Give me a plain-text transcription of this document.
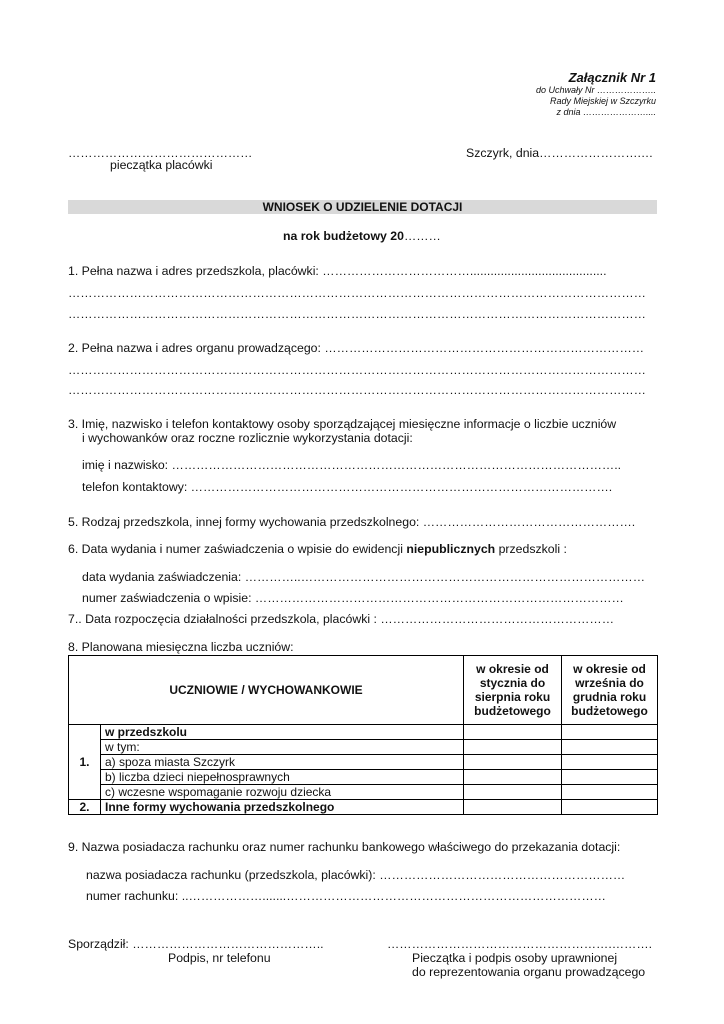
Załącznik Nr 1
do Uchwały Nr ………………..
Rady Miejskiej w Szczyrku
z dnia …………………....
………………………………………
pieczątka placówki
Szczyrk, dnia…………………….…
WNIOSEK O UDZIELENIE DOTACJI
na rok budżetowy 20………
1. Pełna nazwa i adres przedszkola, placówki: ………………………………........................................
……………………………………………………………………………………………………………………………
……………………………………………………………………………………………………………………………
2. Pełna nazwa i adres organu prowadzącego: ……………………………………………………………………
……………………………………………………………………………………………………………………………
……………………………………………………………………………………………………………………………
3. Imię, nazwisko i telefon kontaktowy osoby sporządzającej miesięczne informacje o liczbie uczniów
i wychowanków oraz roczne rozlicznie wykorzystania dotacji:
imię i nazwisko: ………………………………………………………………………………………………..
telefon kontaktowy: ………………………………………………………………………………………….
5. Rodzaj przedszkola, innej formy wychowania przedszkolnego: …………………………………………….
6. Data wydania i numer zaświadczenia o wpisie do ewidencji niepublicznych przedszkoli :
data wydania zaświadczenia: …………..…………………………………………………………………………
numer zaświadczenia o wpisie: ………………………………………………………………………………
7.. Data rozpoczęcia działalności przedszkola, placówki : …………………………………………………
8. Planowana miesięczna liczba uczniów:
UCZNIOWIE / WYCHOWANKOWIE		w okresie od stycznia do sierpnia roku budżetowego	w okresie od września do grudnia roku budżetowego
1.	w przedszkolu		
	w tym:		
	a) spoza miasta Szczyrk		
	b) liczba dzieci niepełnosprawnych		
	c) wczesne wspomaganie rozwoju dziecka		
2.	Inne formy wychowania przedszkolnego		
9. Nazwa posiadacza rachunku oraz numer rachunku bankowego właściwego do przekazania dotacji:
nazwa posiadacza rachunku (przedszkola, placówki): ……………………………………………………
numer rachunku: ..……………….......……………………………………………………………………
Sporządził: ………………………………………..
Podpis, nr telefonu
……………………………………………….……….
Pieczątka i podpis osoby uprawnionej
do reprezentowania organu prowadzącego
